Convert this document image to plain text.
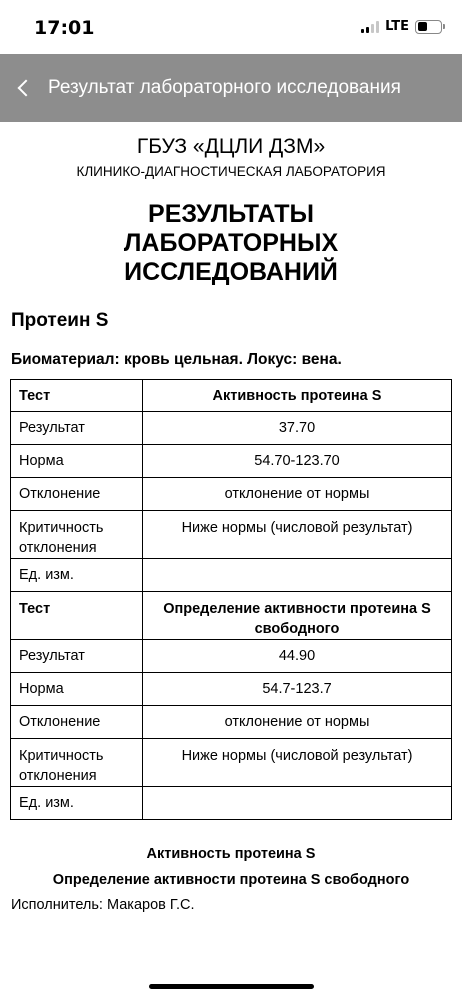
17:01	LTE
Результат лабораторного исследования
ГБУЗ «ДЦЛИ ДЗМ»
КЛИНИКО-ДИАГНОСТИЧЕСКАЯ ЛАБОРАТОРИЯ
РЕЗУЛЬТАТЫ
ЛАБОРАТОРНЫХ
ИССЛЕДОВАНИЙ
Протеин S
Биоматериал: кровь цельная. Локус: вена.
Тест	Активность протеина S
Результат	37.70
Норма	54.70-123.70
Отклонение	отклонение от нормы
Критичность отклонения	Ниже нормы (числовой результат)
Ед. изм.	
Тест	Определение активности протеина S свободного
Результат	44.90
Норма	54.7-123.7
Отклонение	отклонение от нормы
Критичность отклонения	Ниже нормы (числовой результат)
Ед. изм.	
Активность протеина S
Определение активности протеина S свободного
Исполнитель: Макаров Г.С.
